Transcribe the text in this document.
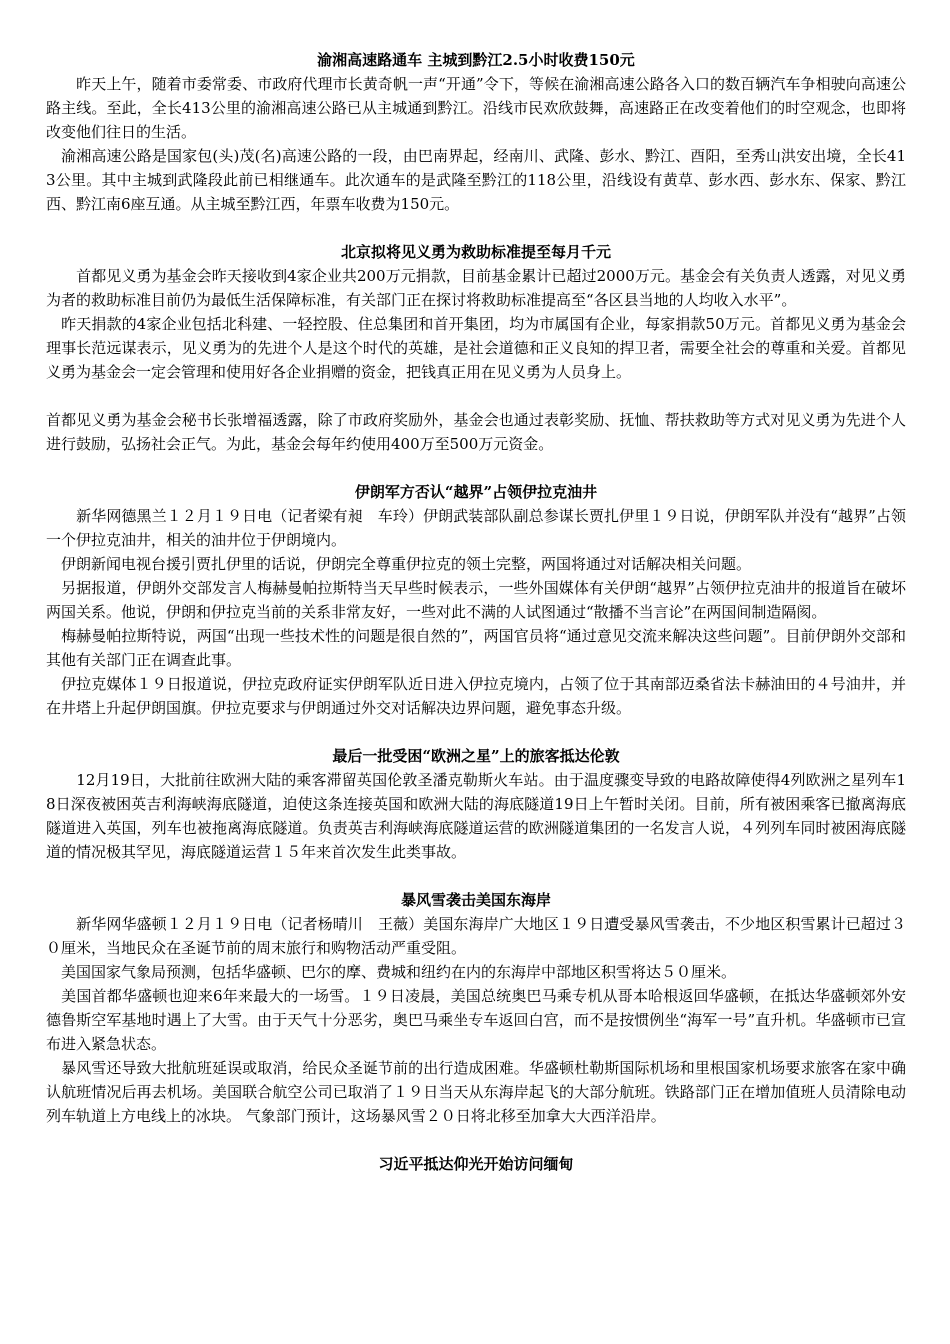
渝湘高速路通车 主城到黔江2.5小时收费150元

　　昨天上午，随着市委常委、市政府代理市长黄奇帆一声“开通”令下，等候在渝湘高速公路各入口的数百辆汽车争相驶向高速公路主线。至此，全长413公里的渝湘高速公路已从主城通到黔江。沿线市民欢欣鼓舞，高速路正在改变着他们的时空观念，也即将改变他们往日的生活。

　渝湘高速公路是国家包(头)茂(名)高速公路的一段，由巴南界起，经南川、武隆、彭水、黔江、酉阳，至秀山洪安出境，全长413公里。其中主城到武隆段此前已相继通车。此次通车的是武隆至黔江的118公里，沿线设有黄草、彭水西、彭水东、保家、黔江西、黔江南6座互通。从主城至黔江西，年票车收费为150元。

北京拟将见义勇为救助标准提至每月千元

　　首都见义勇为基金会昨天接收到4家企业共200万元捐款，目前基金累计已超过2000万元。基金会有关负责人透露，对见义勇为者的救助标准目前仍为最低生活保障标准，有关部门正在探讨将救助标准提高至“各区县当地的人均收入水平”。

　昨天捐款的4家企业包括北科建、一轻控股、住总集团和首开集团，均为市属国有企业，每家捐款50万元。首都见义勇为基金会理事长范远谋表示，见义勇为的先进个人是这个时代的英雄，是社会道德和正义良知的捍卫者，需要全社会的尊重和关爱。首都见义勇为基金会一定会管理和使用好各企业捐赠的资金，把钱真正用在见义勇为人员身上。

首都见义勇为基金会秘书长张增福透露，除了市政府奖励外，基金会也通过表彰奖励、抚恤、帮扶救助等方式对见义勇为先进个人进行鼓励，弘扬社会正气。为此，基金会每年约使用400万至500万元资金。

伊朗军方否认“越界”占领伊拉克油井

　　新华网德黑兰１２月１９日电（记者梁有昶　车玲）伊朗武装部队副总参谋长贾扎伊里１９日说，伊朗军队并没有“越界”占领一个伊拉克油井，相关的油井位于伊朗境内。

　伊朗新闻电视台援引贾扎伊里的话说，伊朗完全尊重伊拉克的领土完整，两国将通过对话解决相关问题。

　另据报道，伊朗外交部发言人梅赫曼帕拉斯特当天早些时候表示，一些外国媒体有关伊朗“越界”占领伊拉克油井的报道旨在破坏两国关系。他说，伊朗和伊拉克当前的关系非常友好，一些对此不满的人试图通过“散播不当言论”在两国间制造隔阂。

　梅赫曼帕拉斯特说，两国“出现一些技术性的问题是很自然的”，两国官员将“通过意见交流来解决这些问题”。目前伊朗外交部和其他有关部门正在调查此事。

　伊拉克媒体１９日报道说，伊拉克政府证实伊朗军队近日进入伊拉克境内，占领了位于其南部迈桑省法卡赫油田的４号油井，并在井塔上升起伊朗国旗。伊拉克要求与伊朗通过外交对话解决边界问题，避免事态升级。

最后一批受困“欧洲之星”上的旅客抵达伦敦

　　12月19日，大批前往欧洲大陆的乘客滞留英国伦敦圣潘克勒斯火车站。由于温度骤变导致的电路故障使得4列欧洲之星列车18日深夜被困英吉利海峡海底隧道，迫使这条连接英国和欧洲大陆的海底隧道19日上午暂时关闭。目前，所有被困乘客已撤离海底隧道进入英国，列车也被拖离海底隧道。负责英吉利海峡海底隧道运营的欧洲隧道集团的一名发言人说，４列列车同时被困海底隧道的情况极其罕见，海底隧道运营１５年来首次发生此类事故。

暴风雪袭击美国东海岸

　　新华网华盛顿１２月１９日电（记者杨晴川　王薇）美国东海岸广大地区１９日遭受暴风雪袭击，不少地区积雪累计已超过３０厘米，当地民众在圣诞节前的周末旅行和购物活动严重受阻。

　美国国家气象局预测，包括华盛顿、巴尔的摩、费城和纽约在内的东海岸中部地区积雪将达５０厘米。

　美国首都华盛顿也迎来6年来最大的一场雪。１９日凌晨，美国总统奥巴马乘专机从哥本哈根返回华盛顿，在抵达华盛顿郊外安德鲁斯空军基地时遇上了大雪。由于天气十分恶劣，奥巴马乘坐专车返回白宫，而不是按惯例坐“海军一号”直升机。华盛顿市已宣布进入紧急状态。

　暴风雪还导致大批航班延误或取消，给民众圣诞节前的出行造成困难。华盛顿杜勒斯国际机场和里根国家机场要求旅客在家中确认航班情况后再去机场。美国联合航空公司已取消了１９日当天从东海岸起飞的大部分航班。铁路部门正在增加值班人员清除电动列车轨道上方电线上的冰块。 气象部门预计，这场暴风雪２０日将北移至加拿大大西洋沿岸。

习近平抵达仰光开始访问缅甸
